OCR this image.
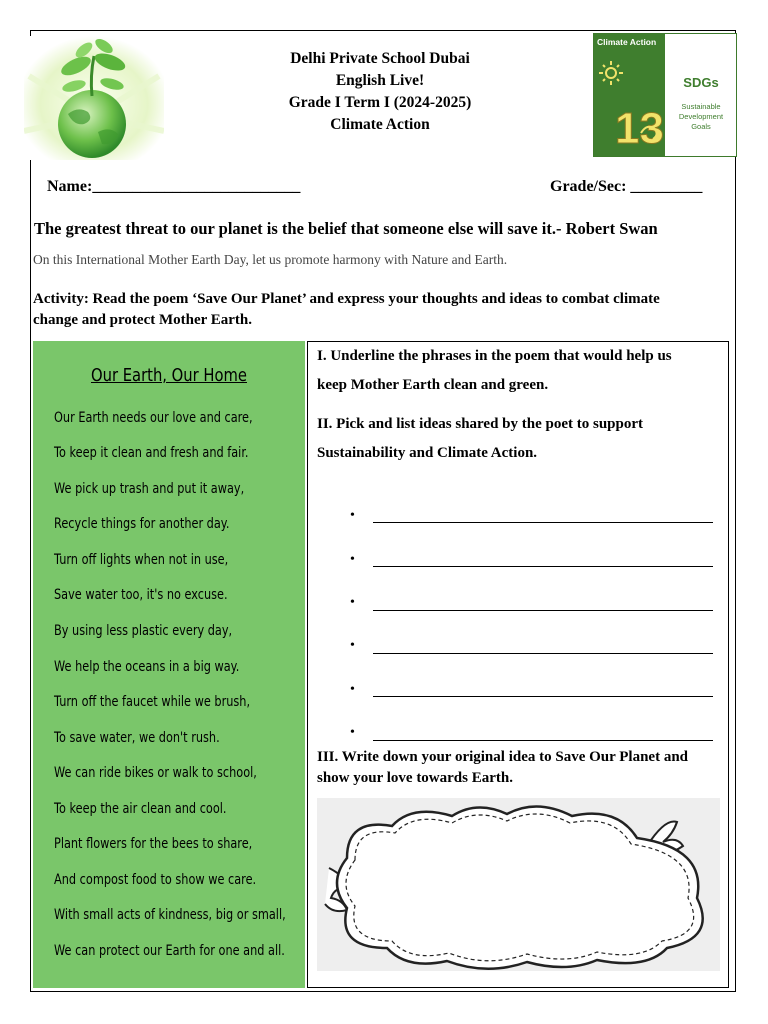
Delhi Private School Dubai
English Live!
Grade I Term I (2024-2025)
Climate Action
Climate Action
13
SDGs
Sustainable
Development
Goals
Name:__________________________	Grade/Sec: _________
The greatest threat to our planet is the belief that someone else will save it.- Robert Swan
On this International Mother Earth Day, let us promote harmony with Nature and Earth.
Activity: Read the poem ‘Save Our Planet’ and express your thoughts and ideas to combat climate change and protect Mother Earth.
Our Earth, Our Home
Our Earth needs our love and care,
To keep it clean and fresh and fair.
We pick up trash and put it away,
Recycle things for another day.
Turn off lights when not in use,
Save water too, it's no excuse.
By using less plastic every day,
We help the oceans in a big way.
Turn off the faucet while we brush,
To save water, we don't rush.
We can ride bikes or walk to school,
To keep the air clean and cool.
Plant flowers for the bees to share,
And compost food to show we care.
With small acts of kindness, big or small,
We can protect our Earth for one and all.
I. Underline the phrases in the poem that would help us
keep Mother Earth clean and green.
II. Pick and list ideas shared by the poet to support
Sustainability and Climate Action.
•
•
•
•
•
•
III. Write down your original idea to Save Our Planet and show your love towards Earth.
